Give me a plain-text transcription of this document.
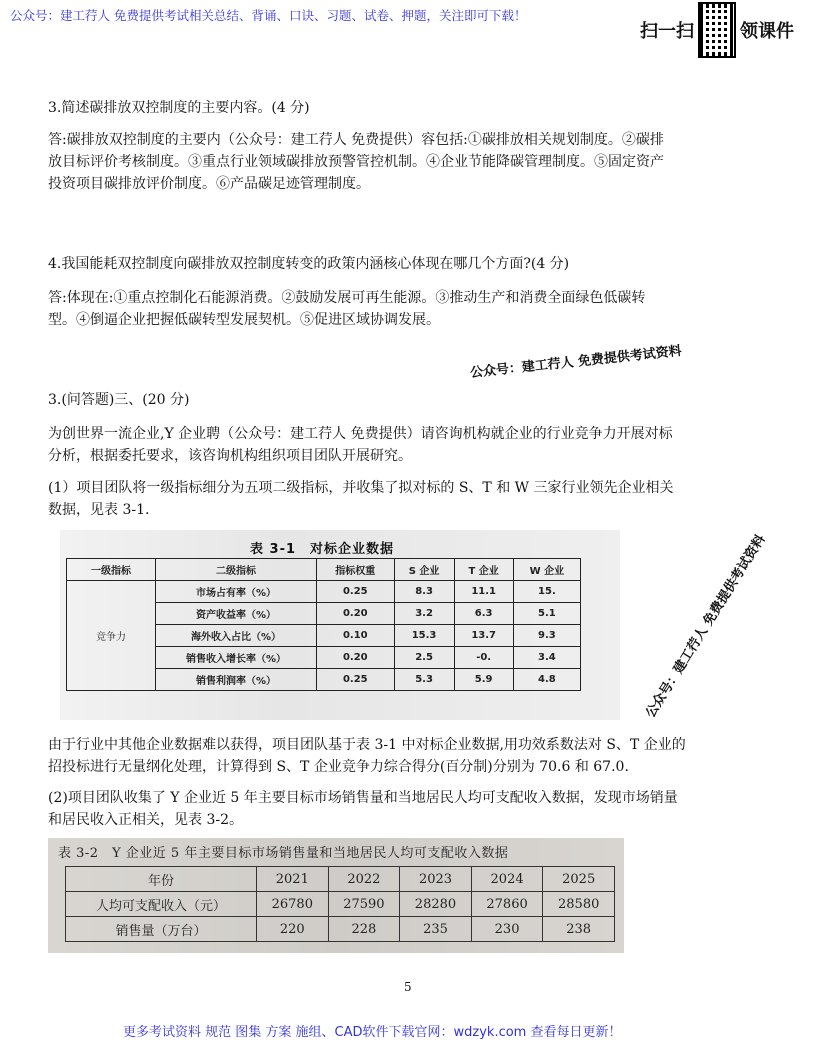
公众号：建工荇人 免费提供考试相关总结、背诵、口诀、习题、试卷、押题，关注即可下载！
扫一扫	领课件
3.简述碳排放双控制度的主要内容。(4 分)
答:碳排放双控制度的主要内（公众号：建工荇人 免费提供）容包括:①碳排放相关规划制度。②碳排
放目标评价考核制度。③重点行业领域碳排放预警管控机制。④企业节能降碳管理制度。⑤固定资产
投资项目碳排放评价制度。⑥产品碳足迹管理制度。
4.我国能耗双控制度向碳排放双控制度转变的政策内涵核心体现在哪几个方面?(4 分)
答:体现在:①重点控制化石能源消费。②鼓励发展可再生能源。③推动生产和消费全面绿色低碳转
型。④倒逼企业把握低碳转型发展契机。⑤促进区域协调发展。
公众号：建工荇人 免费提供考试资料
3.(问答题)三、(20 分)
为创世界一流企业,Y 企业聘（公众号：建工荇人 免费提供）请咨询机构就企业的行业竞争力开展对标
分析，根据委托要求，该咨询机构组织项目团队开展研究。
(1）项目团队将一级指标细分为五项二级指标，并收集了拟对标的 S、T 和 W 三家行业领先企业相关
数据，见表 3-1.
表 3-1　对标企业数据
一级指标	二级指标	指标权重	S 企业	T 企业	W 企业
竞争力	市场占有率（%）	0.25	8.3	11.1	15.
	资产收益率（%）	0.20	3.2	6.3	5.1
	海外收入占比（%）	0.10	15.3	13.7	9.3
	销售收入增长率（%）	0.20	2.5	-0.	3.4
	销售利润率（%）	0.25	5.3	5.9	4.8	公众号：建工荇人 免费提供考试资料
由于行业中其他企业数据难以获得，项目团队基于表 3-1 中对标企业数据,用功效系数法对 S、T 企业的
招投标进行无量纲化处理，计算得到 S、T 企业竞争力综合得分(百分制)分别为 70.6 和 67.0.
(2)项目团队收集了 Y 企业近 5 年主要目标市场销售量和当地居民人均可支配收入数据，发现市场销量
和居民收入正相关，见表 3-2。
表 3-2　Y 企业近 5 年主要目标市场销售量和当地居民人均可支配收入数据
年份	2021	2022	2023	2024	2025
人均可支配收入（元）	26780	27590	28280	27860	28580
销售量（万台）	220	228	235	230	238
5
更多考试资料 规范 图集 方案 施组、CAD软件下载官网：wdzyk.com 查看每日更新！
